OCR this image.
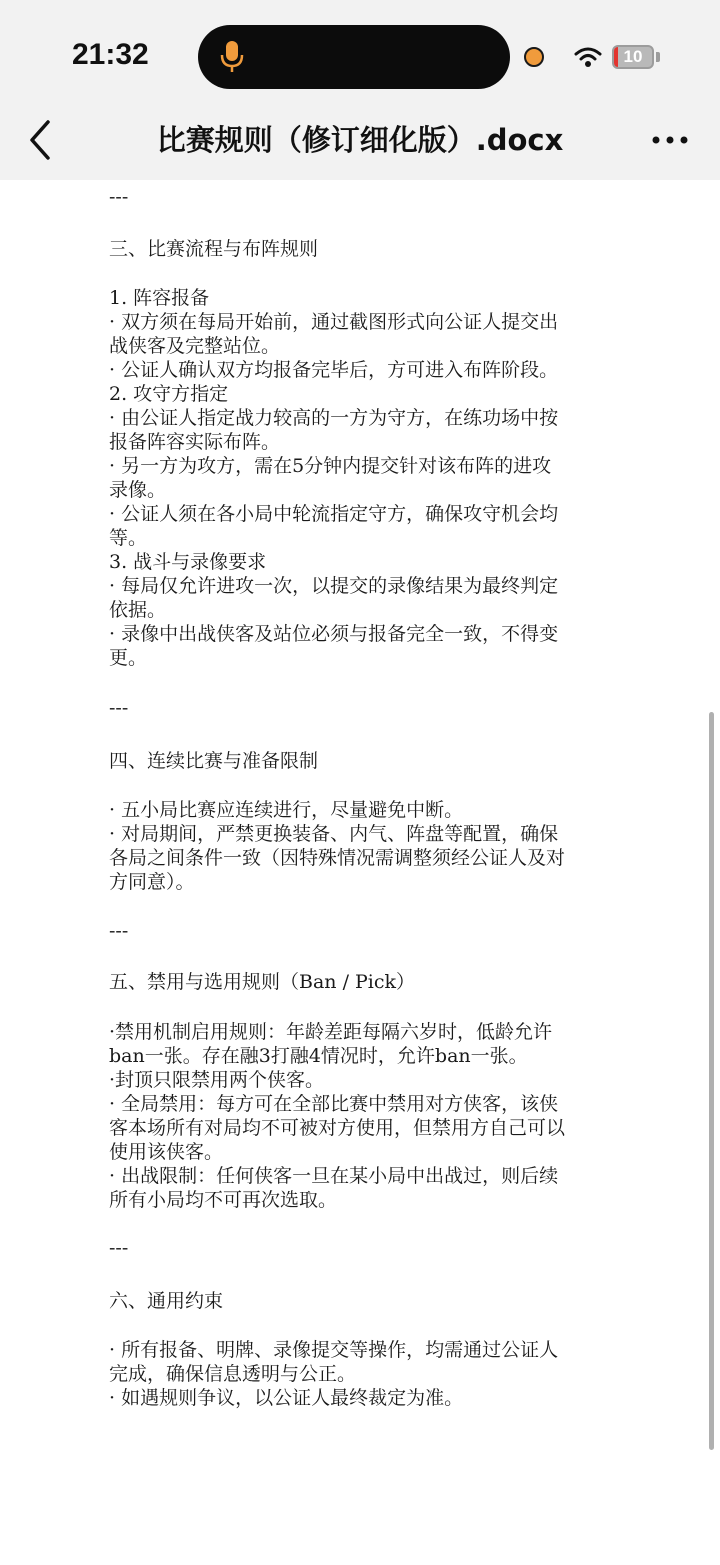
21:32	10
比赛规则（修订细化版）.docx
---
三、比赛流程与布阵规则
1. 阵容报备
· 双方须在每局开始前，通过截图形式向公证人提交出
战侠客及完整站位。
· 公证人确认双方均报备完毕后，方可进入布阵阶段。
2. 攻守方指定
· 由公证人指定战力较高的一方为守方，在练功场中按
报备阵容实际布阵。
· 另一方为攻方，需在5分钟内提交针对该布阵的进攻
录像。
· 公证人须在各小局中轮流指定守方，确保攻守机会均
等。
3. 战斗与录像要求
· 每局仅允许进攻一次，以提交的录像结果为最终判定
依据。
· 录像中出战侠客及站位必须与报备完全一致，不得变
更。
---
四、连续比赛与准备限制
· 五小局比赛应连续进行，尽量避免中断。
· 对局期间，严禁更换装备、内气、阵盘等配置，确保
各局之间条件一致（因特殊情况需调整须经公证人及对
方同意）。
---
五、禁用与选用规则（Ban / Pick）
·禁用机制启用规则：年龄差距每隔六岁时，低龄允许
ban一张。存在融3打融4情况时，允许ban一张。
·封顶只限禁用两个侠客。
· 全局禁用：每方可在全部比赛中禁用对方侠客，该侠
客本场所有对局均不可被对方使用，但禁用方自己可以
使用该侠客。
· 出战限制：任何侠客一旦在某小局中出战过，则后续
所有小局均不可再次选取。
---
六、通用约束
· 所有报备、明牌、录像提交等操作，均需通过公证人
完成，确保信息透明与公正。
· 如遇规则争议，以公证人最终裁定为准。
